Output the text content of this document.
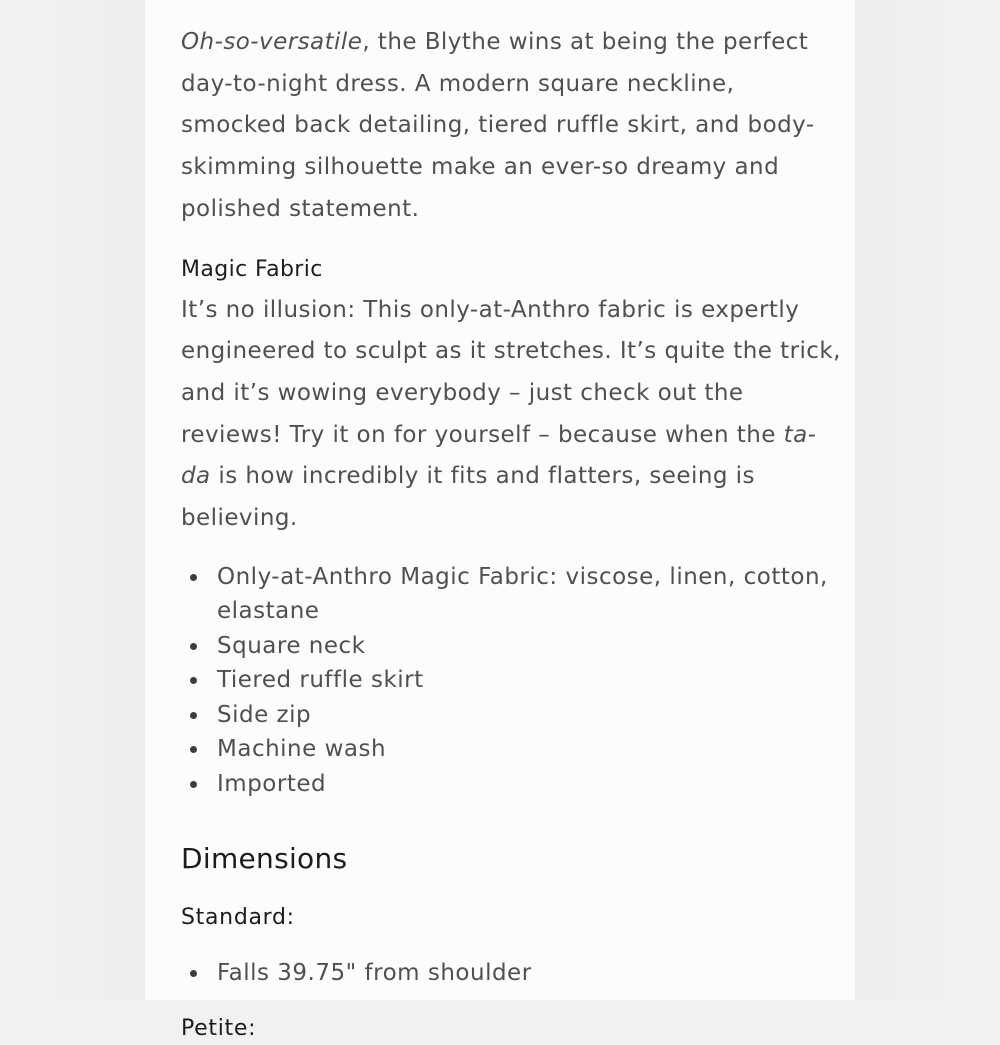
Oh-so-versatile, the Blythe wins at being the perfect day-to-night dress. A modern square neckline, smocked back detailing, tiered ruffle skirt, and body-skimming silhouette make an ever-so dreamy and polished statement.

Magic Fabric

It’s no illusion: This only-at-Anthro fabric is expertly engineered to sculpt as it stretches. It’s quite the trick, and it’s wowing everybody – just check out the reviews! Try it on for yourself – because when the ta-da is how incredibly it fits and flatters, seeing is believing.

Only-at-Anthro Magic Fabric: viscose, linen, cotton, elastane
Square neck
Tiered ruffle skirt
Side zip
Machine wash
Imported
Dimensions
Standard:
Falls 39.75" from shoulder
Petite:
